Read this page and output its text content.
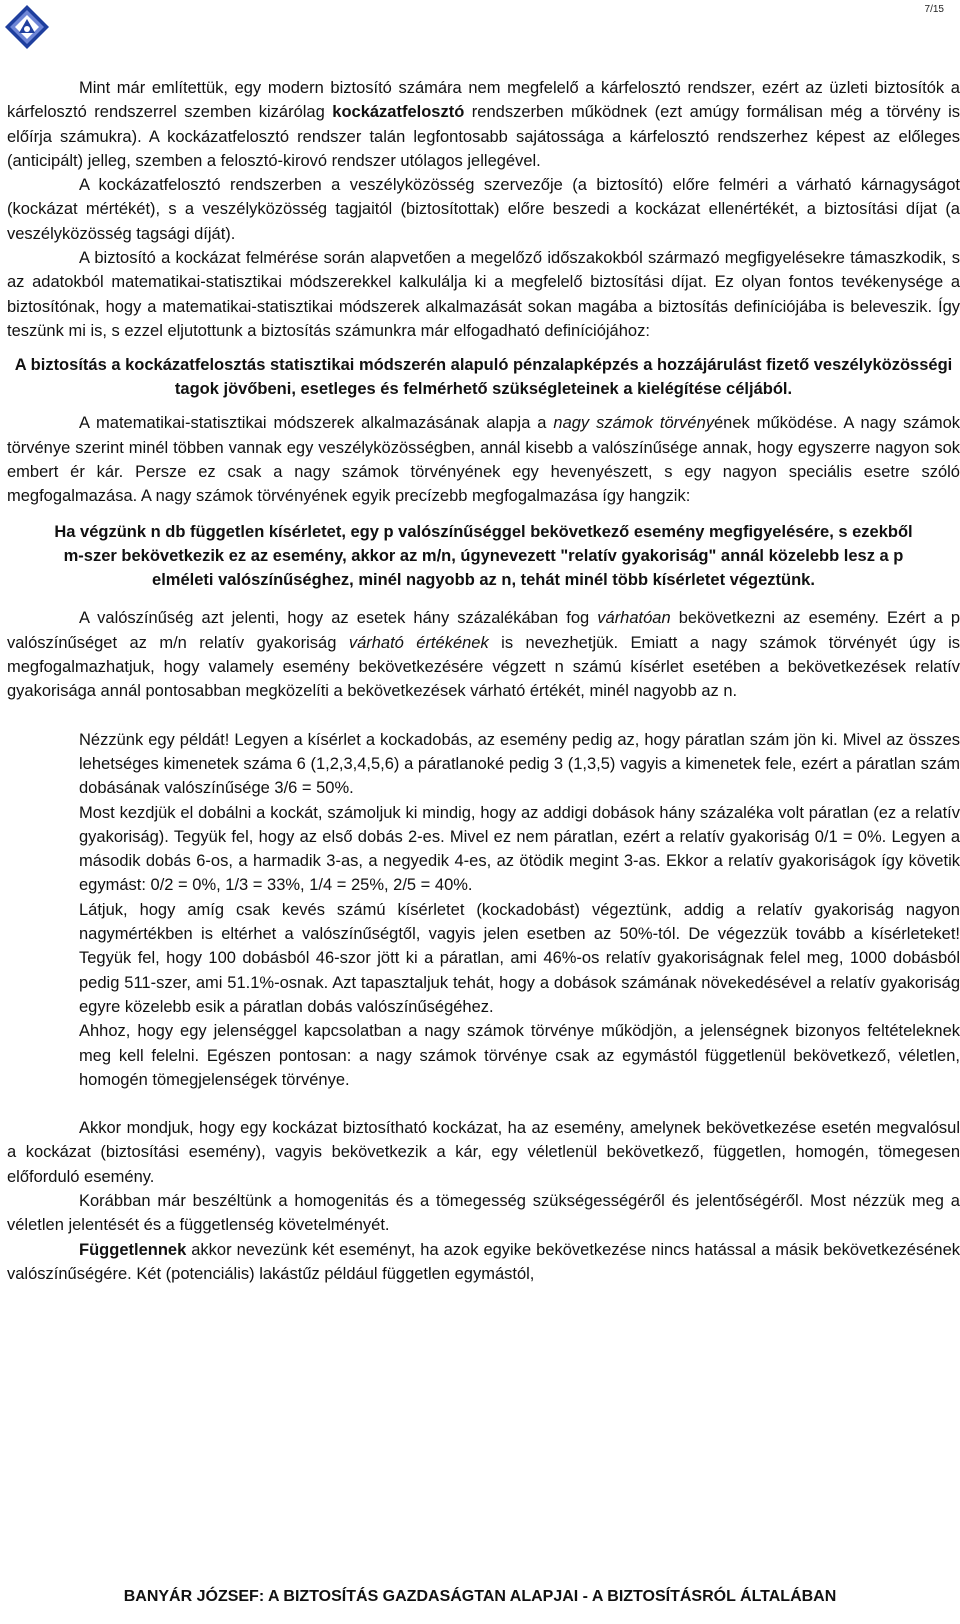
7/15

Mint már említettük, egy modern biztosító számára nem megfelelő a kárfelosztó rendszer, ezért az üzleti biztosítók a kárfelosztó rendszerrel szemben kizárólag kockázatfelosztó rendszerben működnek (ezt amúgy formálisan még a törvény is előírja számukra). A kockázatfelosztó rendszer talán legfontosabb sajátossága a kárfelosztó rendszerhez képest az előleges (anticipált) jelleg, szemben a felosztó-kirovó rendszer utólagos jellegével.

A kockázatfelosztó rendszerben a veszélyközösség szervezője (a biztosító) előre felméri a várható kárnagyságot (kockázat mértékét), s a veszélyközösség tagjaitól (biztosítottak) előre beszedi a kockázat ellenértékét, a biztosítási díjat (a veszélyközösség tagsági díját).

A biztosító a kockázat felmérése során alapvetően a megelőző időszakokból származó megfigyelésekre támaszkodik, s az adatokból matematikai-statisztikai módszerekkel kalkulálja ki a megfelelő biztosítási díjat. Ez olyan fontos tevékenysége a biztosítónak, hogy a matematikai-statisztikai módszerek alkalmazását sokan magába a biztosítás definíciójába is beleveszik. Így teszünk mi is, s ezzel eljutottunk a biztosítás számunkra már elfogadható definíciójához:

A biztosítás a kockázatfelosztás statisztikai módszerén alapuló pénzalapképzés a hozzájárulást fizető veszélyközösségi tagok jövőbeni, esetleges és felmérhető szükségleteinek a kielégítése céljából.

A matematikai-statisztikai módszerek alkalmazásának alapja a nagy számok törvényének működése. A nagy számok törvénye szerint minél többen vannak egy veszélyközösségben, annál kisebb a valószínűsége annak, hogy egyszerre nagyon sok embert ér kár. Persze ez csak a nagy számok törvényének egy hevenyészett, s egy nagyon speciális esetre szóló megfogalmazása. A nagy számok törvényének egyik precízebb megfogalmazása így hangzik:

Ha végzünk n db független kísérletet, egy p valószínűséggel bekövetkező esemény megfigyelésére, s ezekből m-szer bekövetkezik ez az esemény, akkor az m/n, úgynevezett "relatív gyakoriság" annál közelebb lesz a p elméleti valószínűséghez, minél nagyobb az n, tehát minél több kísérletet végeztünk.

A valószínűség azt jelenti, hogy az esetek hány százalékában fog várhatóan bekövetkezni az esemény. Ezért a p valószínűséget az m/n relatív gyakoriság várható értékének is nevezhetjük. Emiatt a nagy számok törvényét úgy is megfogalmazhatjuk, hogy valamely esemény bekövetkezésére végzett n számú kísérlet esetében a bekövetkezések relatív gyakorisága annál pontosabban megközelíti a bekövetkezések várható értékét, minél nagyobb az n.

Nézzünk egy példát! Legyen a kísérlet a kockadobás, az esemény pedig az, hogy páratlan szám jön ki. Mivel az összes lehetséges kimenetek száma 6 (1,2,3,4,5,6) a páratlanoké pedig 3 (1,3,5) vagyis a kimenetek fele, ezért a páratlan szám dobásának valószínűsége 3/6 = 50%.

Most kezdjük el dobálni a kockát, számoljuk ki mindig, hogy az addigi dobások hány százaléka volt páratlan (ez a relatív gyakoriság). Tegyük fel, hogy az első dobás 2-es. Mivel ez nem páratlan, ezért a relatív gyakoriság 0/1 = 0%. Legyen a második dobás 6-os, a harmadik 3-as, a negyedik 4-es, az ötödik megint 3-as. Ekkor a relatív gyakoriságok így követik egymást: 0/2 = 0%, 1/3 = 33%, 1/4 = 25%, 2/5 = 40%.

Látjuk, hogy amíg csak kevés számú kísérletet (kockadobást) végeztünk, addig a relatív gyakoriság nagyon nagymértékben is eltérhet a valószínűségtől, vagyis jelen esetben az 50%-tól. De végezzük tovább a kísérleteket! Tegyük fel, hogy 100 dobásból 46-szor jött ki a páratlan, ami 46%-os relatív gyakoriságnak felel meg, 1000 dobásból pedig 511-szer, ami 51.1%-osnak. Azt tapasztaljuk tehát, hogy a dobások számának növekedésével a relatív gyakoriság egyre közelebb esik a páratlan dobás valószínűségéhez.

Ahhoz, hogy egy jelenséggel kapcsolatban a nagy számok törvénye működjön, a jelenségnek bizonyos feltételeknek meg kell felelni. Egészen pontosan: a nagy számok törvénye csak az egymástól függetlenül bekövetkező, véletlen, homogén tömegjelenségek törvénye.

Akkor mondjuk, hogy egy kockázat biztosítható kockázat, ha az esemény, amelynek bekövetkezése esetén megvalósul a kockázat (biztosítási esemény), vagyis bekövetkezik a kár, egy véletlenül bekövetkező, független, homogén, tömegesen előforduló esemény.

Korábban már beszéltünk a homogenitás és a tömegesség szükségességéről és jelentőségéről. Most nézzük meg a véletlen jelentését és a függetlenség követelményét.

Függetlennek akkor nevezünk két eseményt, ha azok egyike bekövetkezése nincs hatással a másik bekövetkezésének valószínűségére. Két (potenciális) lakástűz például független egymástól,

BANYÁR JÓZSEF: A BIZTOSÍTÁS GAZDASÁGTAN ALAPJAI - A BIZTOSÍTÁSRÓL ÁLTALÁBAN
